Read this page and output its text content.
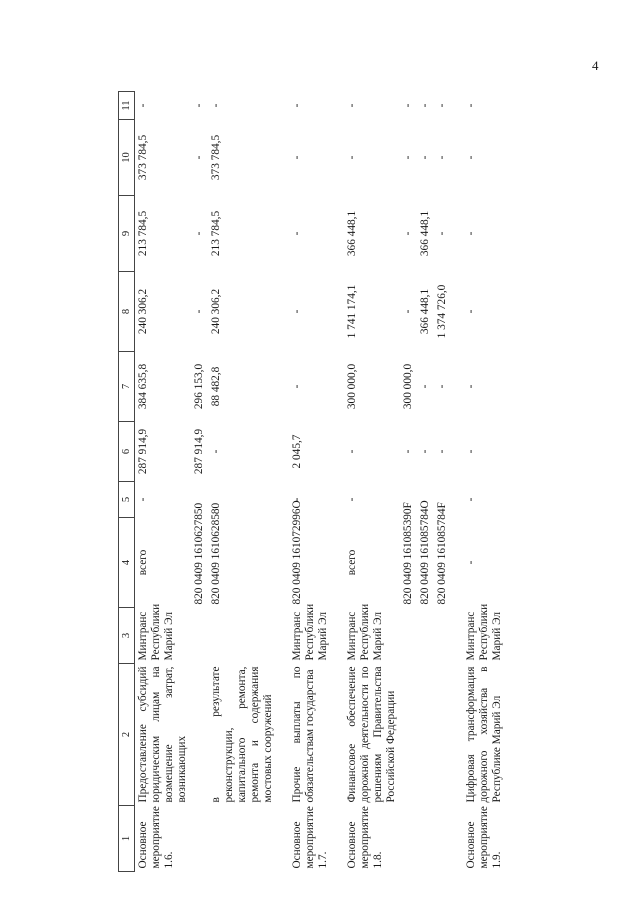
4
1	2	3	4	5	6	7	8	9	10	11
Основное мероприятие 1.6.	Предоставление субсидий юридическим лицам на возмещение затрат, возникающих	Минтранс Республики Марий Эл	всего	-	287 914,9	384 635,8	240 306,2	213 784,5	373 784,5	-
			820 0409 1610627850		287 914,9	296 153,0	-	-	-	-
	в результате реконструкции, капитального ремонта, ремонта и содержания мостовых сооружений		820 0409 1610628580		-	88 482,8	240 306,2	213 784,5	373 784,5	-

Основное мероприятие 1.7.	Прочие выплаты по обязательствам государства	Минтранс Республики Марий Эл	820 0409 161072996О	-	2 045,7	-	-	-	-	-

Основное мероприятие 1.8.	Финансовое обеспечение дорожной деятельности по решениям Правительства Российской Федерации	Минтранс Республики Марий Эл	всего	-	-	300 000,0	1 741 174,1	366 448,1	-	-
			820 0409 161085390F		-	300 000,0	-	-	-	-
			820 0409 161085784О		-	-	366 448,1	366 448,1	-	-
			820 0409 161085784F		-	-	1 374 726,0	-	-	-

Основное мероприятие 1.9.	Цифровая трансформация дорожного хозяйства в Республике Марий Эл	Минтранс Республики Марий Эл	-	-	-	-	-	-	-	-
